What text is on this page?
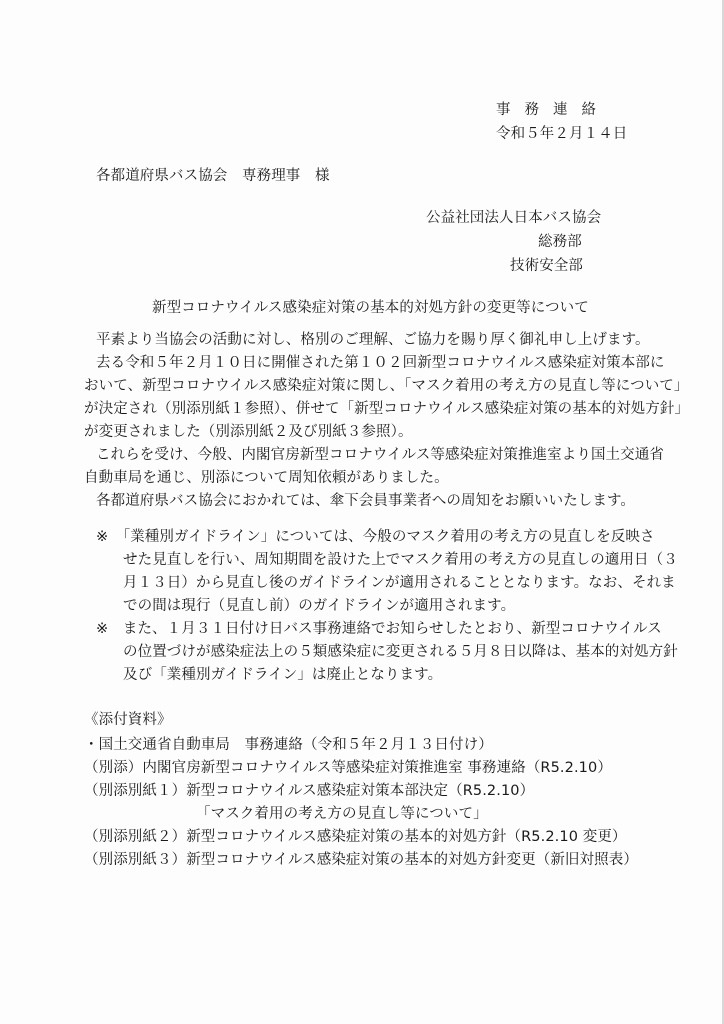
事務連絡
令和５年２月１４日
各都道府県バス協会　専務理事　様
公益社団法人日本バス協会
総務部
技術安全部
新型コロナウイルス感染症対策の基本的対処方針の変更等について
平素より当協会の活動に対し、格別のご理解、ご協力を賜り厚く御礼申し上げます。
去る令和５年２月１０日に開催された第１０２回新型コロナウイルス感染症対策本部に
おいて、新型コロナウイルス感染症対策に関し、「マスク着用の考え方の見直し等について」
が決定され（別添別紙１参照）、併せて「新型コロナウイルス感染症対策の基本的対処方針」
が変更されました（別添別紙２及び別紙３参照）。
これらを受け、今般、内閣官房新型コロナウイルス等感染症対策推進室より国土交通省
自動車局を通じ、別添について周知依頼がありました。
各都道府県バス協会におかれては、傘下会員事業者への周知をお願いいたします。
※　「業種別ガイドライン」については、今般のマスク着用の考え方の見直しを反映さ
せた見直しを行い、周知期間を設けた上でマスク着用の考え方の見直しの適用日（３
月１３日）から見直し後のガイドラインが適用されることとなります。なお、それま
での間は現行（見直し前）のガイドラインが適用されます。
※　また、１月３１日付け日バス事務連絡でお知らせしたとおり、新型コロナウイルス
の位置づけが感染症法上の５類感染症に変更される５月８日以降は、基本的対処方針
及び「業種別ガイドライン」は廃止となります。
《添付資料》
・国土交通省自動車局　事務連絡（令和５年２月１３日付け）
（別添）内閣官房新型コロナウイルス等感染症対策推進室 事務連絡（R5.2.10）
（別添別紙１）新型コロナウイルス感染症対策本部決定（R5.2.10）
「マスク着用の考え方の見直し等について」
（別添別紙２）新型コロナウイルス感染症対策の基本的対処方針（R5.2.10 変更）
（別添別紙３）新型コロナウイルス感染症対策の基本的対処方針変更（新旧対照表）
